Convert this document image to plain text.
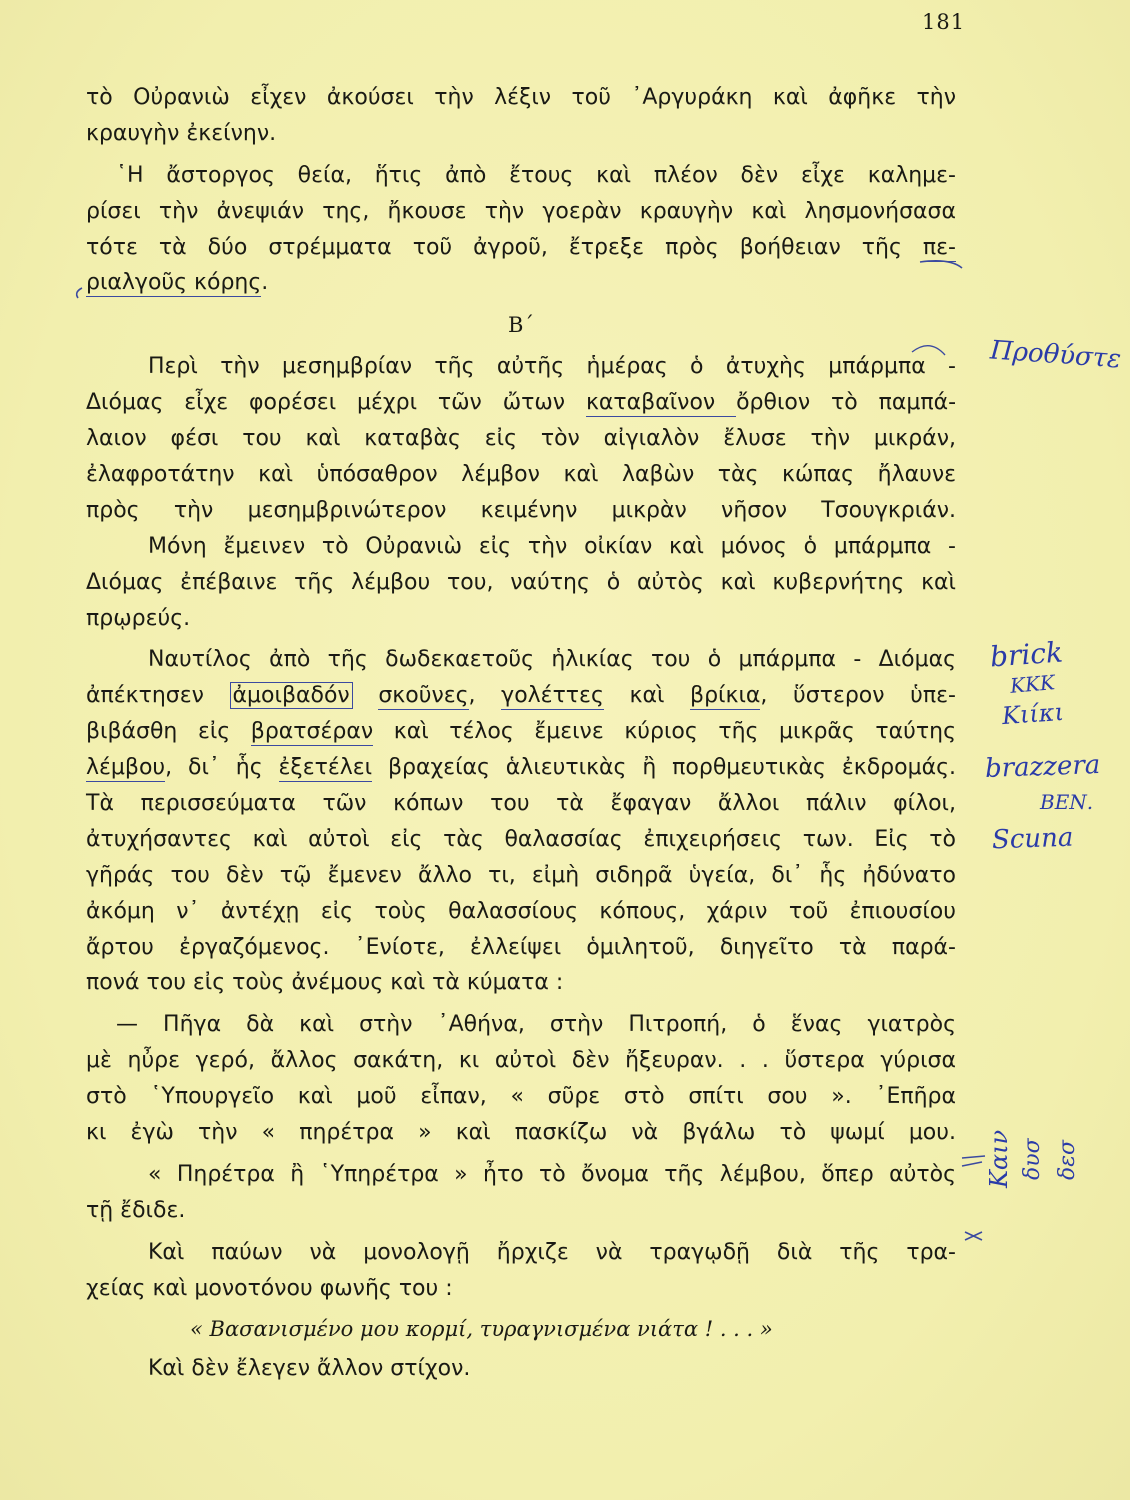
181
τὸ Οὐρανιὼ εἶχεν ἀκούσει τὴν λέξιν τοῦ ᾿Αργυράκη καὶ ἀφῆκε τὴν
κραυγὴν ἐκείνην.
῾Η ἄστοργος θεία, ἥτις ἀπὸ ἔτους καὶ πλέον δὲν εἶχε καλημε-
ρίσει τὴν ἀνεψιάν της, ἤκουσε τὴν γοερὰν κραυγὴν καὶ λησμονήσασα
τότε τὰ δύο στρέμματα τοῦ ἀγροῦ, ἔτρεξε πρὸς βοήθειαν τῆς πε-
ριαλγοῦς κόρης.
Β΄
Περὶ τὴν μεσημβρίαν τῆς αὐτῆς ἡμέρας ὁ ἀτυχὴς μπάρμπα -
Διόμας εἶχε φορέσει μέχρι τῶν ὤτων καταβαῖνον ὄρθιον τὸ παμπά-
λαιον φέσι του καὶ καταβὰς εἰς τὸν αἰγιαλὸν ἔλυσε τὴν μικράν,
ἐλαφροτάτην καὶ ὑπόσαθρον λέμβον καὶ λαβὼν τὰς κώπας ἤλαυνε
πρὸς τὴν μεσημβρινώτερον κειμένην μικρὰν νῆσον Τσουγκριάν.
Μόνη ἔμεινεν τὸ Οὐρανιὼ εἰς τὴν οἰκίαν καὶ μόνος ὁ μπάρμπα -
Διόμας ἐπέβαινε τῆς λέμβου του, ναύτης ὁ αὐτὸς καὶ κυβερνήτης καὶ
πρῳρεύς.
Ναυτίλος ἀπὸ τῆς δωδεκαετοῦς ἡλικίας του ὁ μπάρμπα - Διόμας
ἀπέκτησεν ἀμοιβαδόν σκοῦνες, γολέττες καὶ βρίκια, ὕστερον ὑπε-
βιβάσθη εἰς βρατσέραν καὶ τέλος ἔμεινε κύριος τῆς μικρᾶς ταύτης
λέμβου, δι᾿ ἧς ἐξετέλει βραχείας ἁλιευτικὰς ἢ πορθμευτικὰς ἐκδρομάς.
Τὰ περισσεύματα τῶν κόπων του τὰ ἔφαγαν ἄλλοι πάλιν φίλοι,
ἀτυχήσαντες καὶ αὐτοὶ εἰς τὰς θαλασσίας ἐπιχειρήσεις των. Εἰς τὸ
γῆράς του δὲν τῷ ἔμενεν ἄλλο τι, εἰμὴ σιδηρᾶ ὑγεία, δι᾿ ἧς ἠδύνατο
ἀκόμη ν᾿ ἀντέχῃ εἰς τοὺς θαλασσίους κόπους, χάριν τοῦ ἐπιουσίου
ἄρτου ἐργαζόμενος. ᾿Ενίοτε, ἐλλείψει ὁμιλητοῦ, διηγεῖτο τὰ παρά-
πονά του εἰς τοὺς ἀνέμους καὶ τὰ κύματα :
— Πῆγα δὰ καὶ στὴν ᾿Αθήνα, στὴν Πιτροπή, ὁ ἕνας γιατρὸς
μὲ ηὖρε γερό, ἄλλος σακάτη, κι αὐτοὶ δὲν ἤξευραν. . . ὕστερα γύρισα
στὸ ῾Υπουργεῖο καὶ μοῦ εἶπαν, « σῦρε στὸ σπίτι σου ». ᾿Επῆρα
κι ἐγὼ τὴν « πηρέτρα » καὶ πασκίζω νὰ βγάλω τὸ ψωμί μου.
« Πηρέτρα ἢ ῾Υπηρέτρα » ἦτο τὸ ὄνομα τῆς λέμβου, ὅπερ αὐτὸς
τῇ ἔδιδε.
Καὶ παύων νὰ μονολογῇ ἤρχιζε νὰ τραγῳδῇ διὰ τῆς τρα-
χείας καὶ μονοτόνου φωνῆς του :
« Βασανισμένο μου κορμί, τυραγνισμένα νιάτα ! . . . »
Καὶ δὲν ἔλεγεν ἄλλον στίχον.
Προθύστε
brick
ΚΚΚ
Κιίκι
brazzera
ΒΕΝ.
Scuna
Καιν δυσ δεσ
